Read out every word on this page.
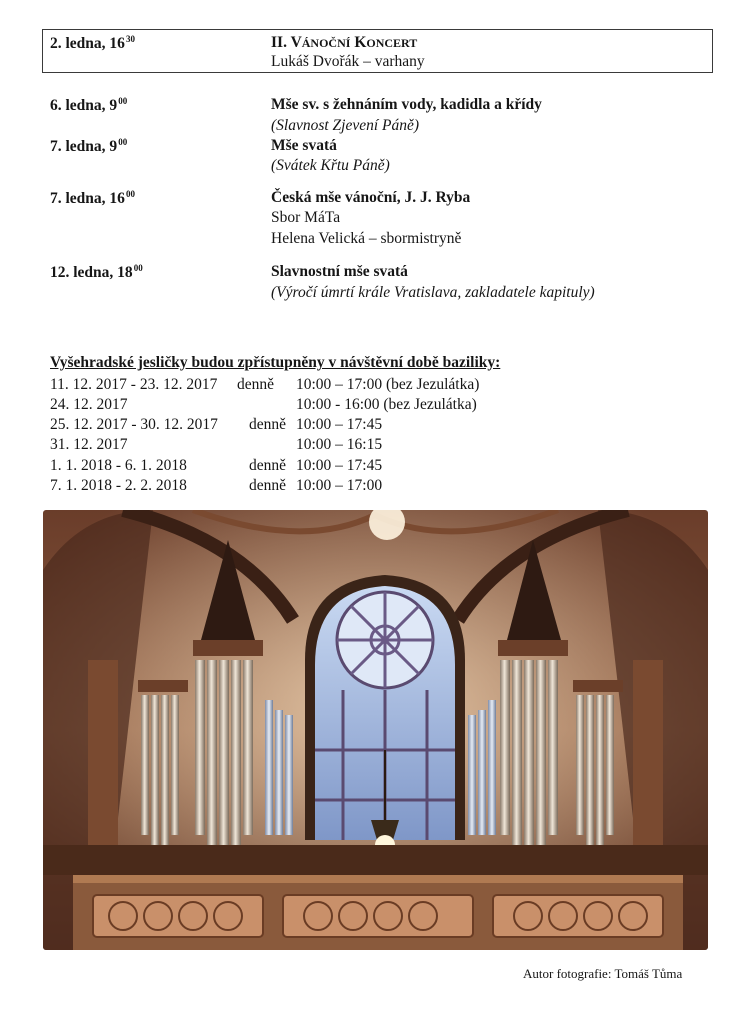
2. ledna, $16^{30}$	II. VÁNOČNÍ KONCERT
Lukáš Dvořák – varhany
6. ledna, $9^{00}$	Mše sv. s žehnáním vody, kadidla a křídy
(Slavnost Zjevení Páně)
7. ledna, $9^{00}$	Mše svatá
(Svátek Křtu Páně)
7. ledna, $16^{00}$	Česká mše vánoční, J. J. Ryba
Sbor MáTa
Helena Velická – sbormistryně
12. ledna, $18^{00}$	Slavnostní mše svatá
(Výročí úmrtí krále Vratislava, zakladatele kapituly)
Vyšehradské jesličky budou zpřístupněny v návštěvní době baziliky:
11. 12. 2017 - 23. 12. 2017 denně 10:00 – 17:00 (bez Jezulátka)
24. 12. 2017	10:00 - 16:00 (bez Jezulátka)
25. 12. 2017 - 30. 12. 2017 denně 10:00 – 17:45
31. 12. 2017	10:00 – 16:15
1. 1. 2018 - 6. 1. 2018	denně 10:00 – 17:45
7. 1. 2018 - 2. 2. 2018	denně 10:00 – 17:00
Autor fotografie: Tomáš Tůma
